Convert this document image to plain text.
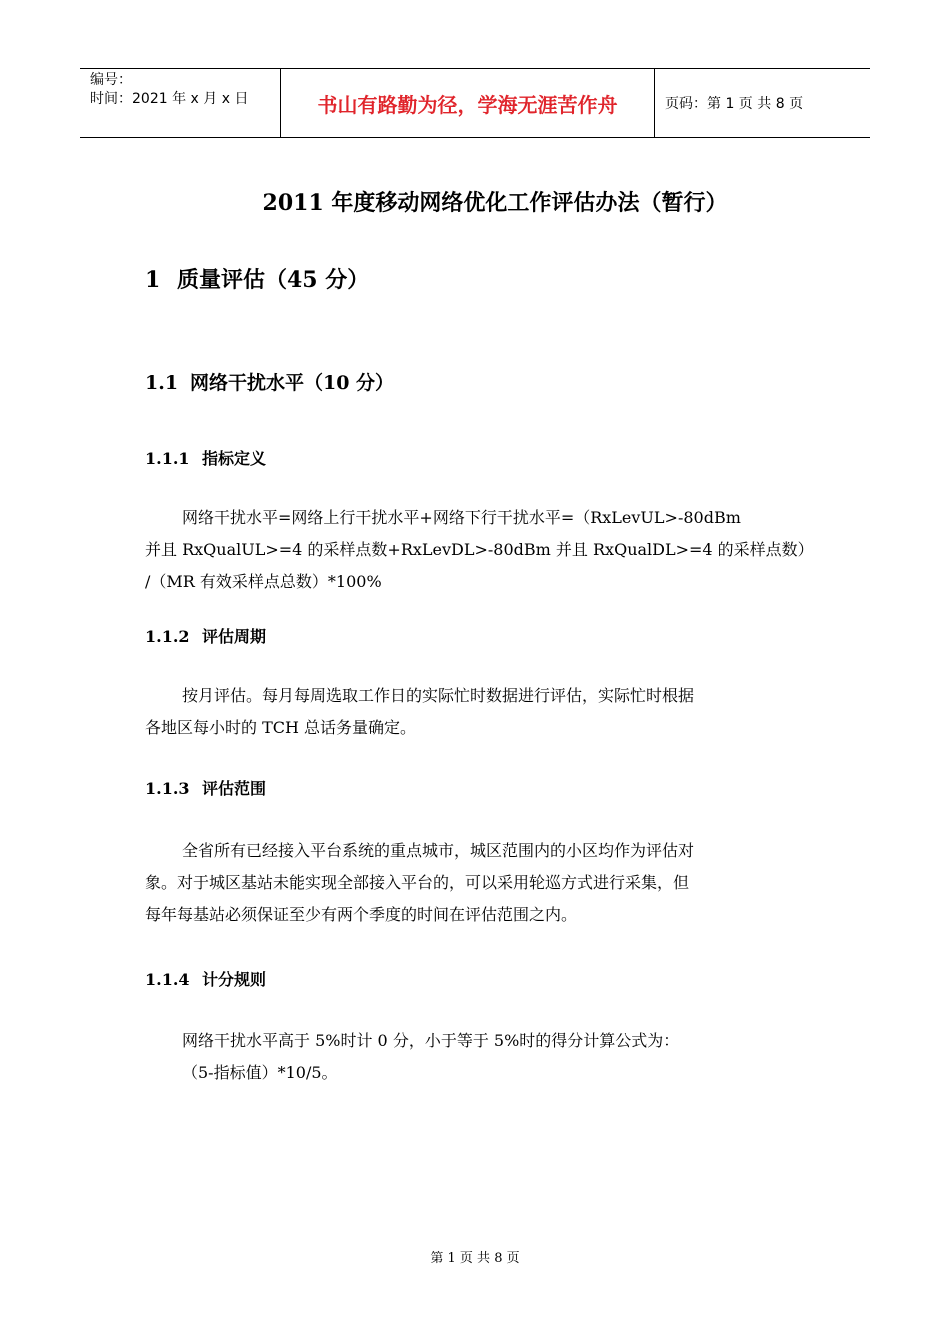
编号：
时间：2021 年 x 月 x 日	书山有路勤为径，学海无涯苦作舟	页码：第 1 页 共 8 页
2011 年度移动网络优化工作评估办法（暂行）
1 质量评估（45 分）
1.1 网络干扰水平（10 分）
1.1.1 指标定义
网络干扰水平=网络上行干扰水平+网络下行干扰水平=（RxLevUL>-80dBm
并且 RxQualUL>=4 的采样点数+RxLevDL>-80dBm 并且 RxQualDL>=4 的采样点数）
/（MR 有效采样点总数）*100%
1.1.2 评估周期
按月评估。每月每周选取工作日的实际忙时数据进行评估，实际忙时根据
各地区每小时的 TCH 总话务量确定。
1.1.3 评估范围
全省所有已经接入平台系统的重点城市，城区范围内的小区均作为评估对
象。对于城区基站未能实现全部接入平台的，可以采用轮巡方式进行采集，但
每年每基站必须保证至少有两个季度的时间在评估范围之内。
1.1.4 计分规则
网络干扰水平高于 5%时计 0 分，小于等于 5%时的得分计算公式为：
（5-指标值）*10/5。
第 1 页 共 8 页
